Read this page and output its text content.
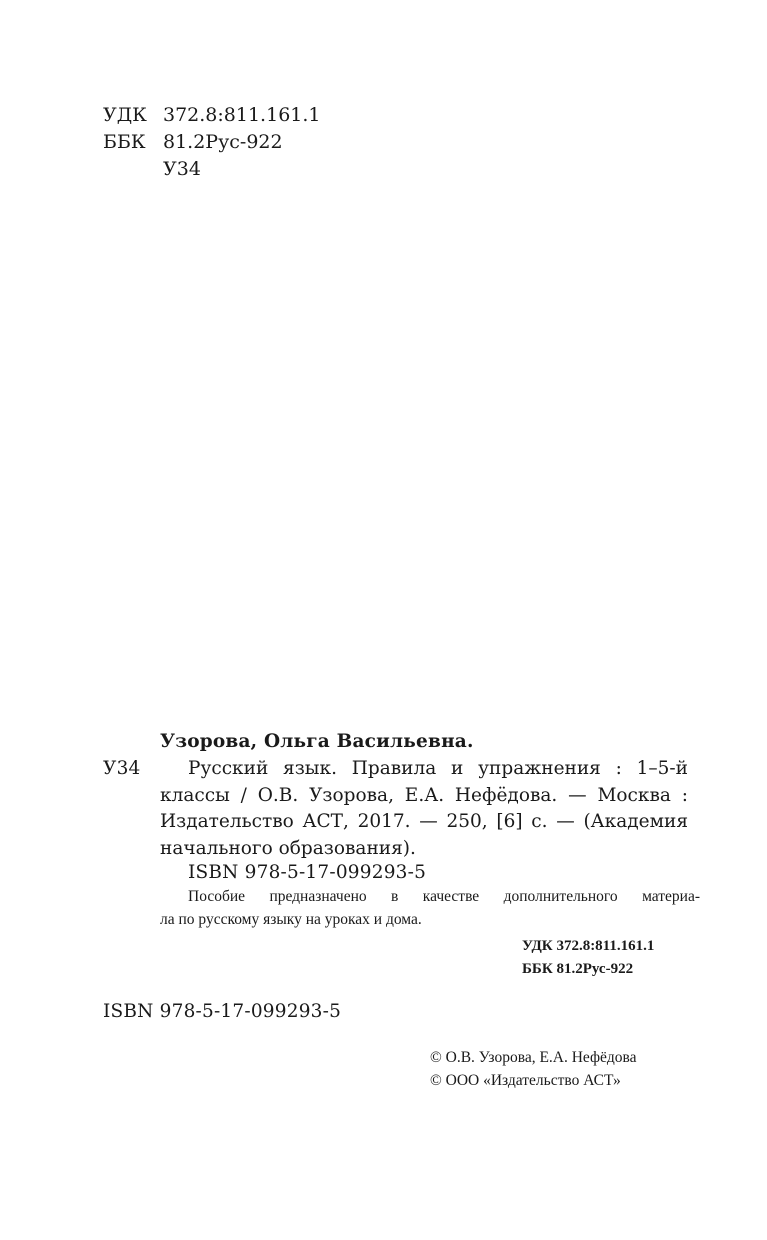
УДК 372.8:811.161.1
ББК 81.2Рус-922
У34
Узорова, Ольга Васильевна.
У34	Русский язык. Правила и упражнения : 1–5-й
классы / О.В. Узорова, Е.А. Нефёдова. — Москва :
Издательство АСТ, 2017. — 250, [6] с. — (Академия
начального образования).
ISBN 978-5-17-099293-5
Пособие предназначено в качестве дополнительного материа-
ла по русскому языку на уроках и дома.
УДК 372.8:811.161.1
ББК 81.2Рус-922
ISBN 978-5-17-099293-5
© О.В. Узорова, Е.А. Нефёдова
© ООО «Издательство АСТ»
